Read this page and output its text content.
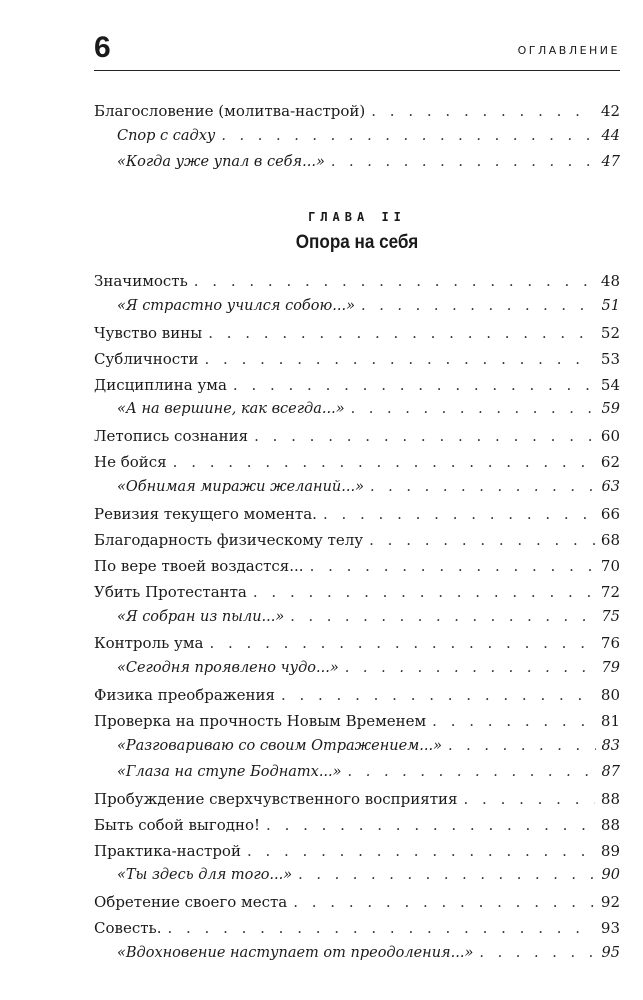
6	ОГЛАВЛЕНИЕ
Благословение (молитва-настрой) . . .	42
Спор с садху . . .	44
«Когда уже упал в себя...» . . .	47
ГЛАВА II
Опора на себя
Значимость . . .	48
«Я страстно учился собою...» . . .	51
Чувство вины . . .	52
Субличности . . .	53
Дисциплина ума . . .	54
«А на вершине, как всегда...» . . .	59
Летопись сознания . . .	60
Не бойся . . .	62
«Обнимая миражи желаний...» . . .	63
Ревизия текущего момента. . . .	66
Благодарность физическому телу . . .	68
По вере твоей воздастся... . . .	70
Убить Протестанта . . .	72
«Я собран из пыли...» . . .	75
Контроль ума . . .	76
«Сегодня проявлено чудо...» . . .	79
Физика преображения . . .	80
Проверка на прочность Новым Временем . . .	81
«Разговариваю со своим Отражением...» . . .	83
«Глаза на ступе Боднатх...» . . .	87
Пробуждение сверхчувственного восприятия . . .	88
Быть собой выгодно! . . .	88
Практика-настрой . . .	89
«Ты здесь для того...» . . .	90
Обретение своего места . . .	92
Совесть. . . .	93
«Вдохновение наступает от преодоления...» . . .	95
